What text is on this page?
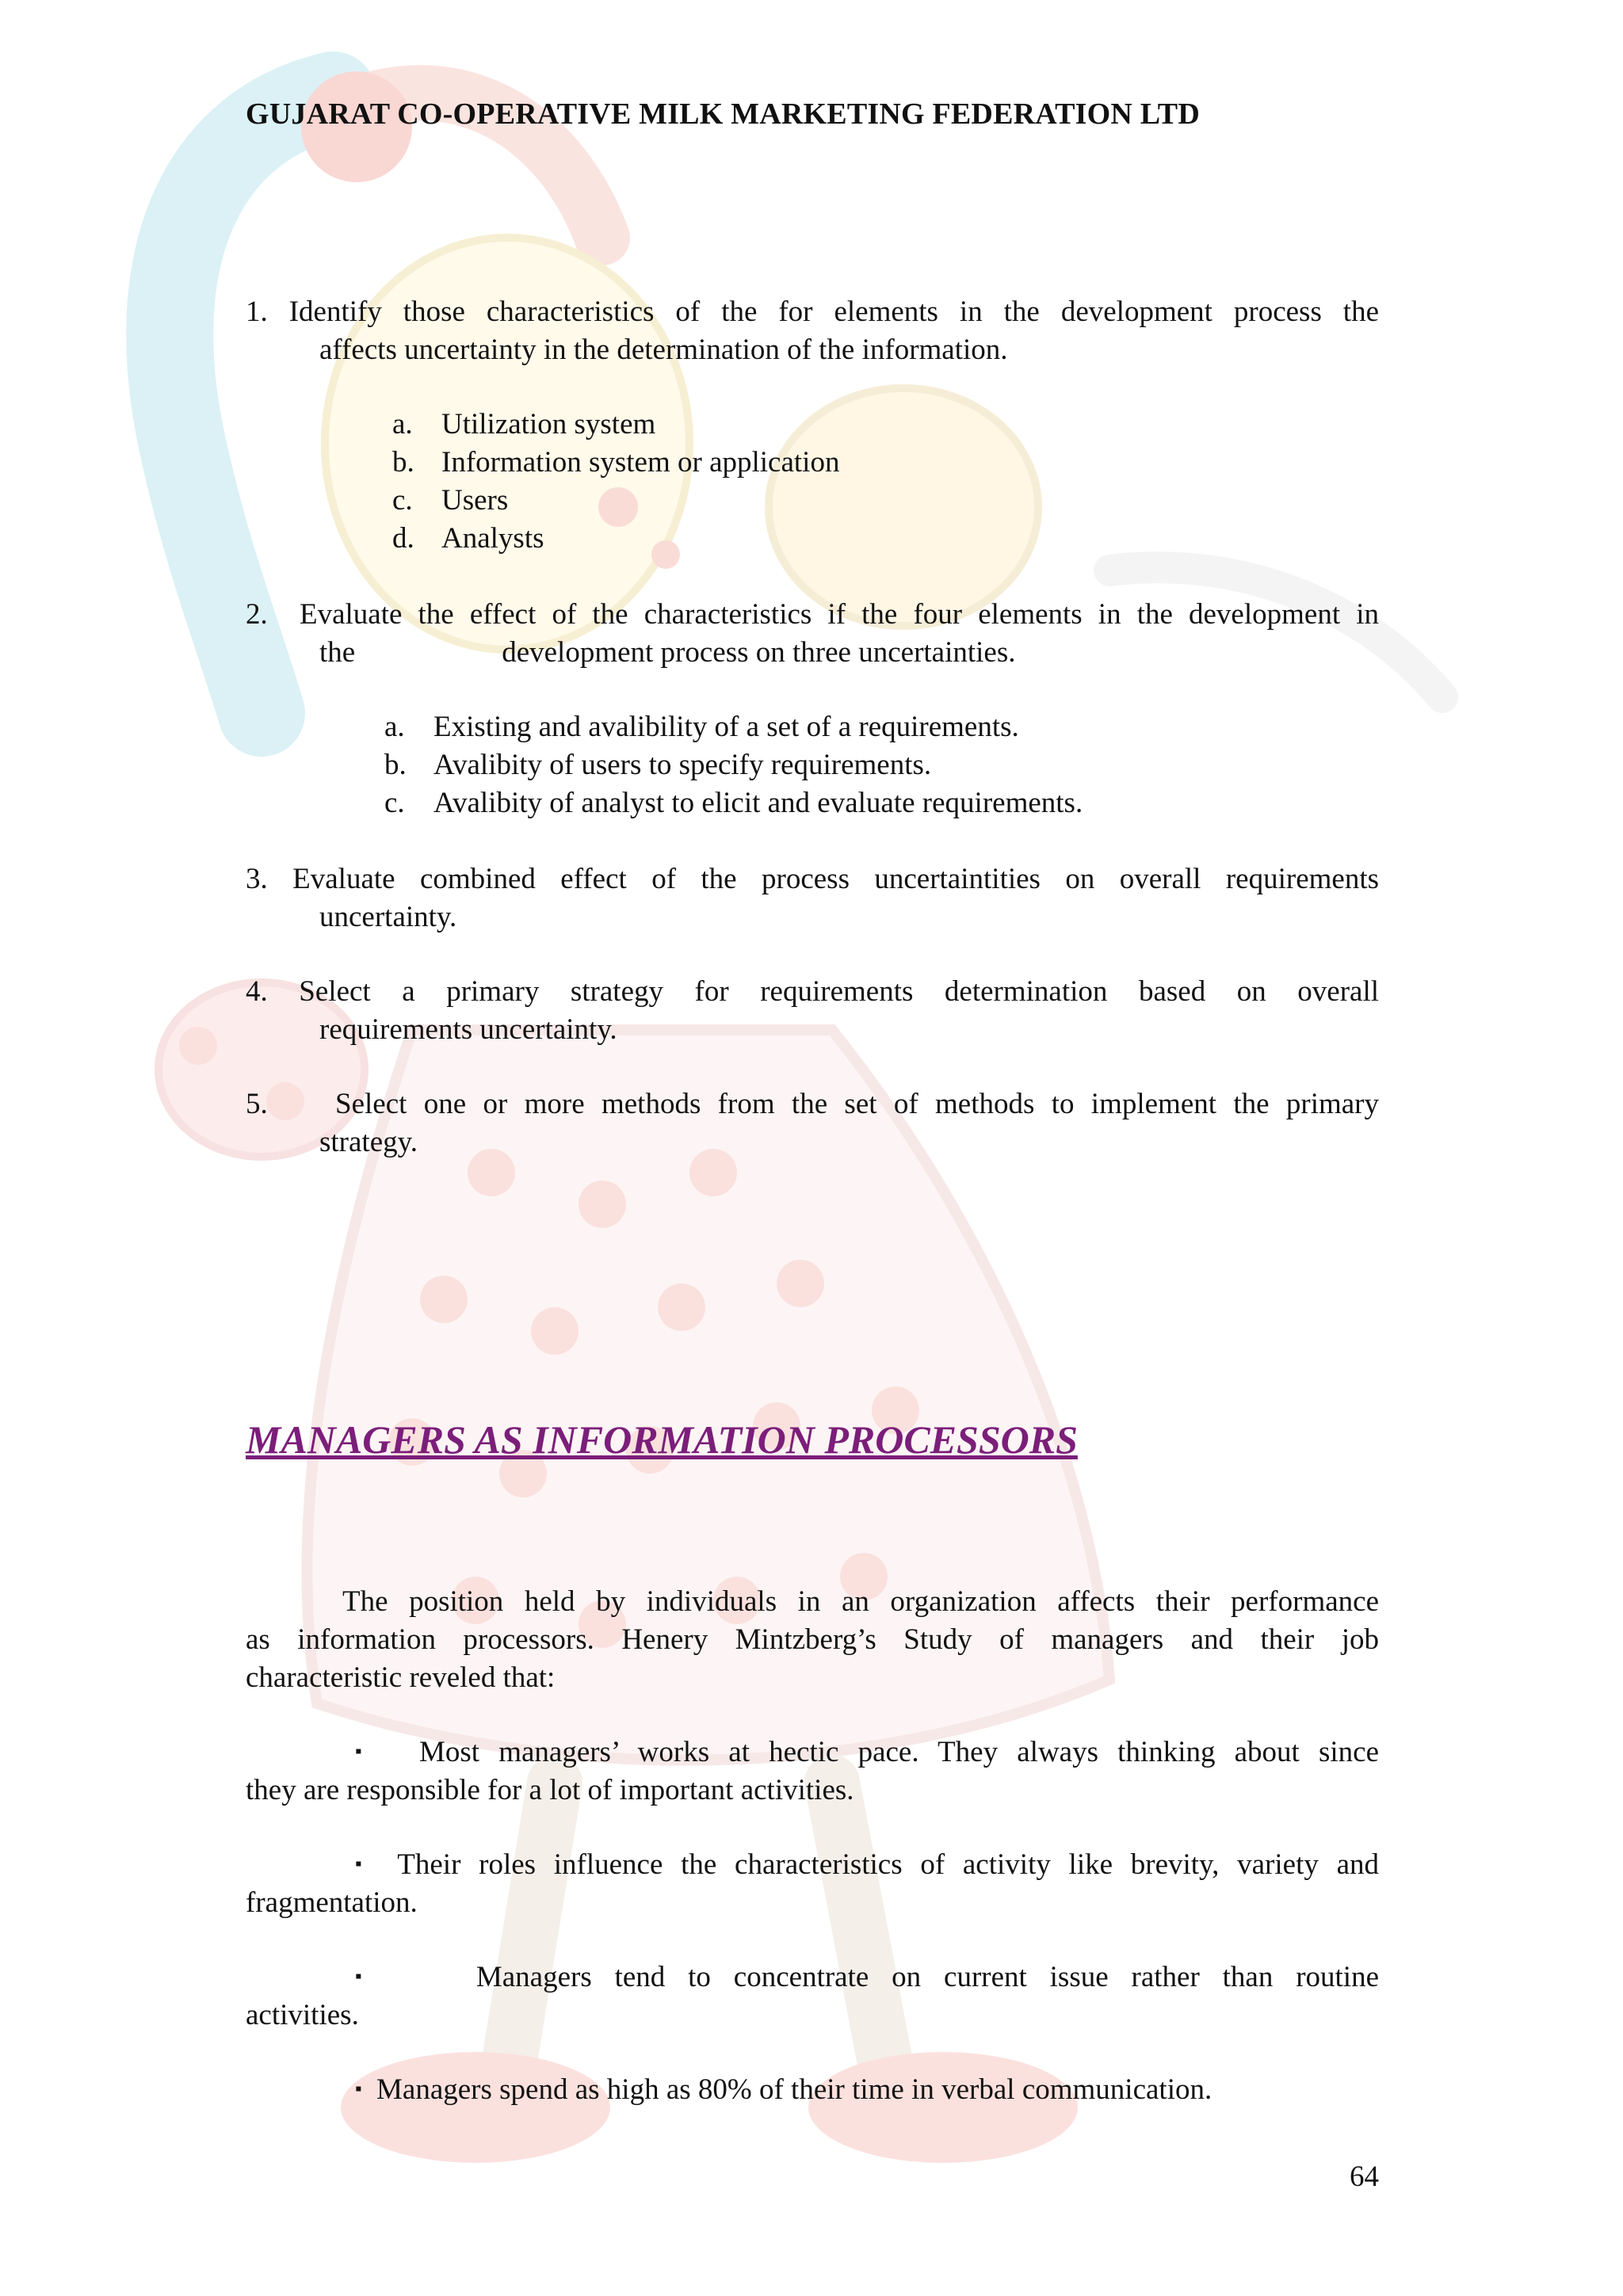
GUJARAT CO-OPERATIVE MILK MARKETING FEDERATION LTD
1. Identify those characteristics of the for elements in the development process the
affects uncertainty in the determination of the information.
a. Utilization system
b. Information system or application
c. Users
d. Analysts
2. Evaluate the effect of the characteristics if the four elements in the development in
the	development process on three uncertainties.
a. Existing and avalibility of a set of a requirements.
b. Avalibity of users to specify requirements.
c. Avalibity of analyst to elicit and evaluate requirements.
3. Evaluate combined effect of the process uncertaintities on overall requirements
uncertainty.
4. Select a primary strategy for requirements determination based on overall
requirements uncertainty.
5. Select one or more methods from the set of methods to implement the primary
strategy.
MANAGERS AS INFORMATION PROCESSORS
The position held by individuals in an organization affects their performance
as information processors. Henery Mintzberg’s Study of managers and their job
characteristic reveled that:
▪ Most managers’ works at hectic pace. They always thinking about since
they are responsible for a lot of important activities.
▪ Their roles influence the characteristics of activity like brevity, variety and
fragmentation.
▪	Managers tend to concentrate on current issue rather than routine
activities.
▪ Managers spend as high as 80% of their time in verbal communication.
64
